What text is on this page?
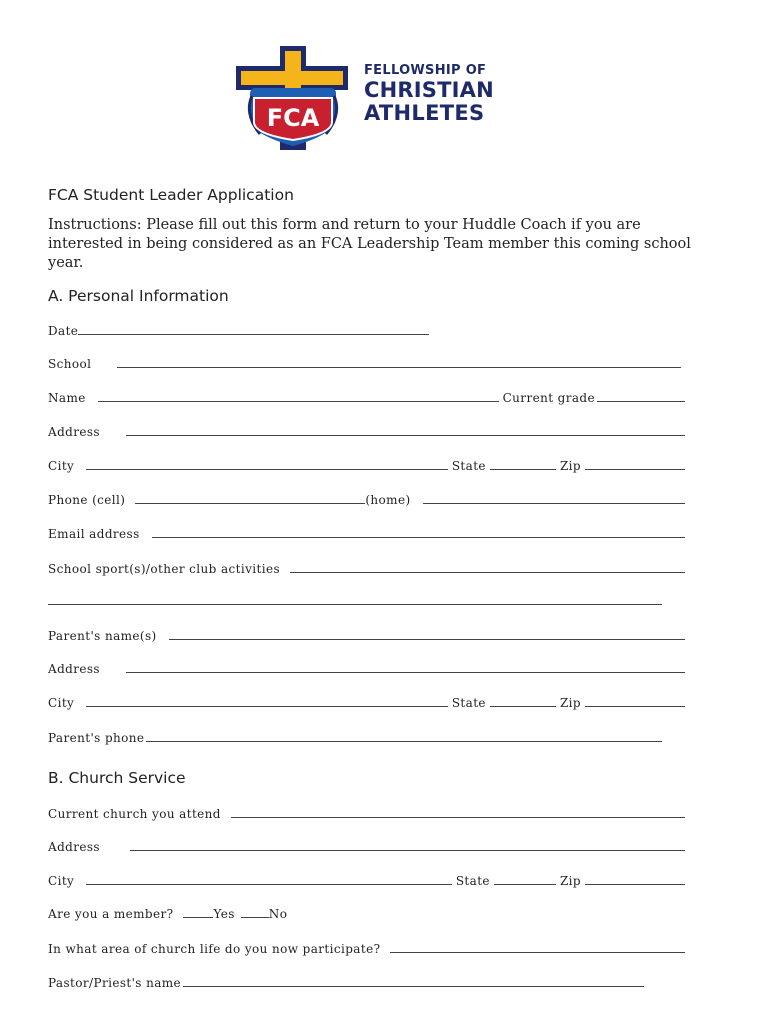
FCA
FELLOWSHIP OF
CHRISTIAN
ATHLETES
FCA Student Leader Application
Instructions: Please fill out this form and return to your Huddle Coach if you are interested in being considered as an FCA Leadership Team member this coming school year.
A. Personal Information
Date
School
Name	Current grade
Address
City	State	Zip
Phone (cell)	(home)
Email address
School sport(s)/other club activities
Parent's name(s)
Address
City	State	Zip
Parent's phone
B. Church Service
Current church you attend
Address
City	State	Zip
Are you a member?	Yes	No
In what area of church life do you now participate?
Pastor/Priest's name
